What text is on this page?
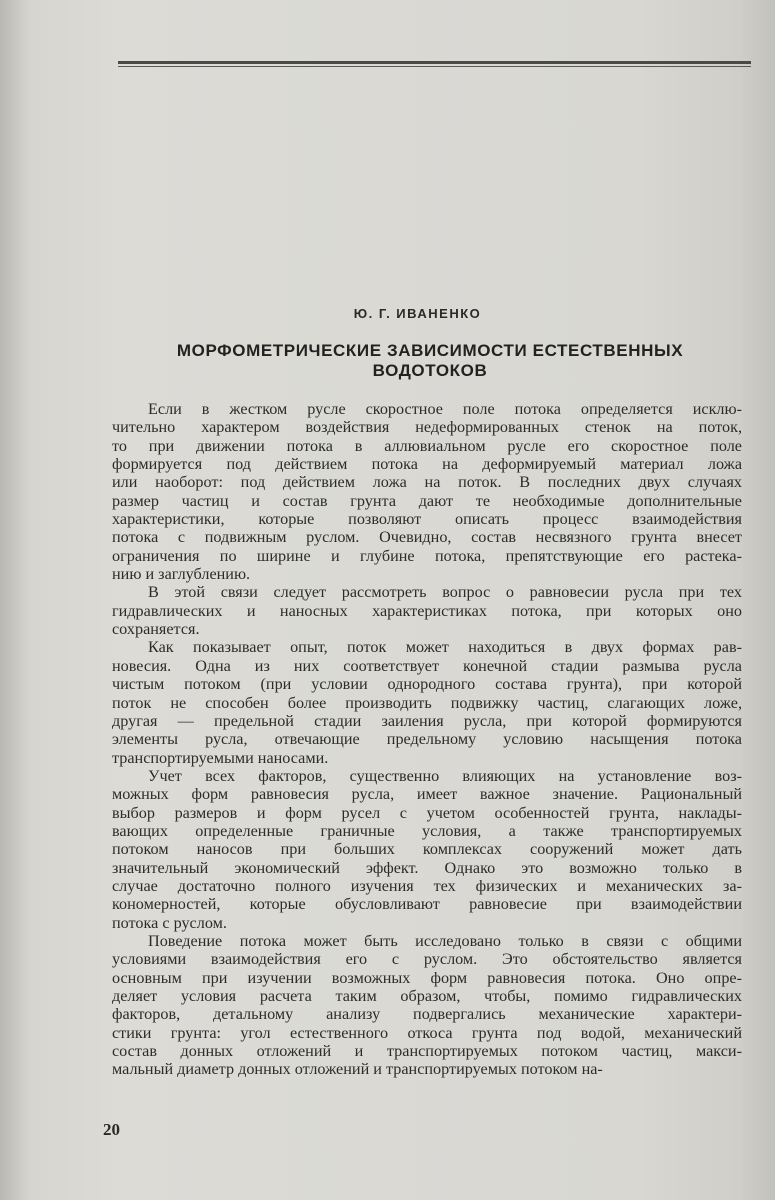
Ю. Г. ИВАНЕНКО
МОРФОМЕТРИЧЕСКИЕ ЗАВИСИМОСТИ ЕСТЕСТВЕННЫХ
ВОДОТОКОВ
Если в жестком русле скоростное поле потока определяется исклю-
чительно характером воздействия недеформированных стенок на поток,
то при движении потока в аллювиальном русле его скоростное поле
формируется под действием потока на деформируемый материал ложа
или наоборот: под действием ложа на поток. В последних двух случаях
размер частиц и состав грунта дают те необходимые дополнительные
характеристики, которые позволяют описать процесс взаимодействия
потока с подвижным руслом. Очевидно, состав несвязного грунта внесет
ограничения по ширине и глубине потока, препятствующие его растека-
нию и заглублению.
В этой связи следует рассмотреть вопрос о равновесии русла при тех
гидравлических и наносных характеристиках потока, при которых оно
сохраняется.
Как показывает опыт, поток может находиться в двух формах рав-
новесия. Одна из них соответствует конечной стадии размыва русла
чистым потоком (при условии однородного состава грунта), при которой
поток не способен более производить подвижку частиц, слагающих ложе,
другая — предельной стадии заиления русла, при которой формируются
элементы русла, отвечающие предельному условию насыщения потока
транспортируемыми наносами.
Учет всех факторов, существенно влияющих на установление воз-
можных форм равновесия русла, имеет важное значение. Рациональный
выбор размеров и форм русел с учетом особенностей грунта, наклады-
вающих определенные граничные условия, а также транспортируемых
потоком наносов при больших комплексах сооружений может дать
значительный экономический эффект. Однако это возможно только в
случае достаточно полного изучения тех физических и механических за-
кономерностей, которые обусловливают равновесие при взаимодействии
потока с руслом.
Поведение потока может быть исследовано только в связи с общими
условиями взаимодействия его с руслом. Это обстоятельство является
основным при изучении возможных форм равновесия потока. Оно опре-
деляет условия расчета таким образом, чтобы, помимо гидравлических
факторов, детальному анализу подвергались механические характери-
стики грунта: угол естественного откоса грунта под водой, механический
состав донных отложений и транспортируемых потоком частиц, макси-
мальный диаметр донных отложений и транспортируемых потоком на-
20
